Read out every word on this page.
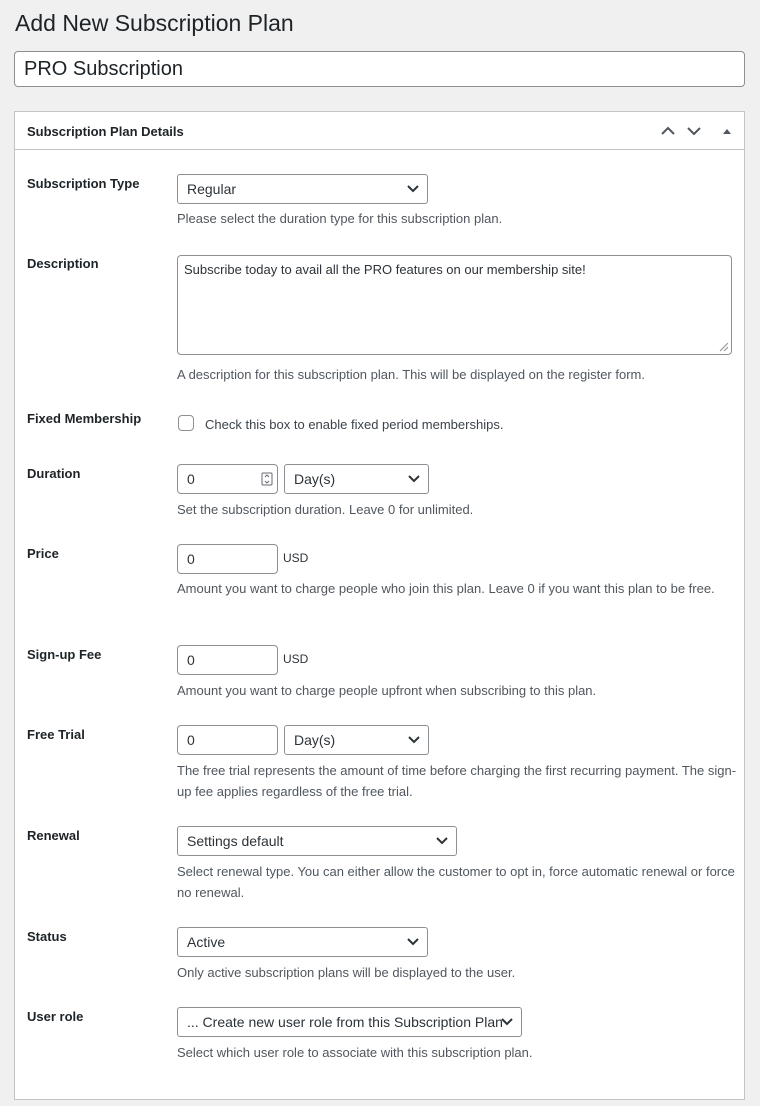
Add New Subscription Plan
PRO Subscription
Subscription Plan Details
Subscription Type	Regular
Please select the duration type for this subscription plan.
Description	Subscribe today to avail all the PRO features on our membership site!
A description for this subscription plan. This will be displayed on the register form.
Fixed Membership	Check this box to enable fixed period memberships.
Duration	0	Day(s)
Set the subscription duration. Leave 0 for unlimited.
Price	0	USD
Amount you want to charge people who join this plan. Leave 0 if you want this plan to be free.
Sign-up Fee	0	USD
Amount you want to charge people upfront when subscribing to this plan.
Free Trial	0	Day(s)
The free trial represents the amount of time before charging the first recurring payment. The sign-up fee applies regardless of the free trial.
Renewal	Settings default
Select renewal type. You can either allow the customer to opt in, force automatic renewal or force no renewal.
Status	Active
Only active subscription plans will be displayed to the user.
User role	... Create new user role from this Subscription Plan
Select which user role to associate with this subscription plan.
